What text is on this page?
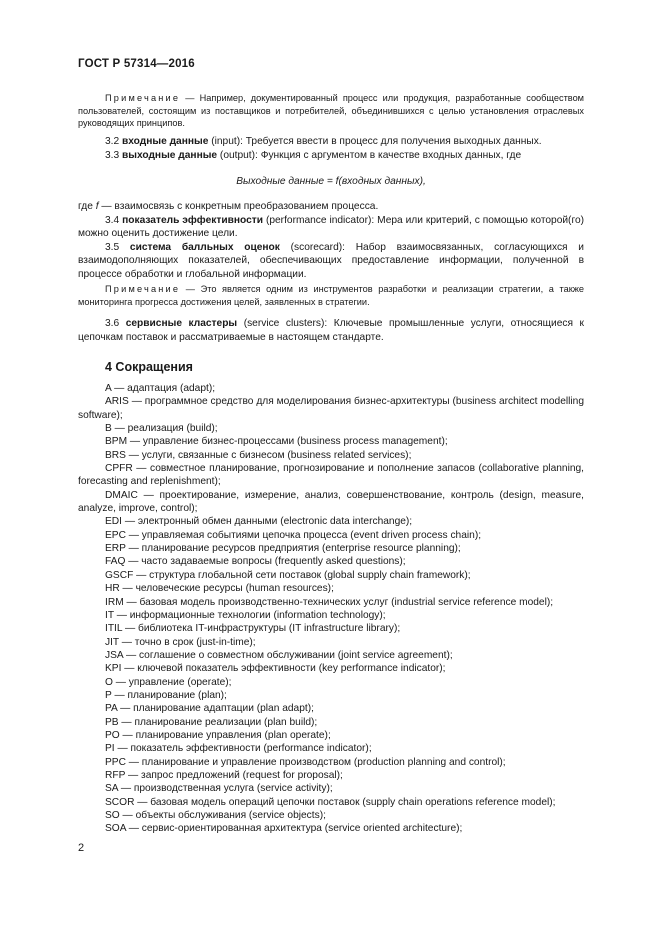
ГОСТ Р 57314—2016

Примечание — Например, документированный процесс или продукция, разработанные сообществом пользователей, состоящим из поставщиков и потребителей, объединившихся с целью установления отраслевых руководящих принципов.

3.2 входные данные (input): Требуется ввести в процесс для получения выходных данных.

3.3 выходные данные (output): Функция с аргументом в качестве входных данных, где

Выходные данные = f(входных данных),

где f — взаимосвязь с конкретным преобразованием процесса.

3.4 показатель эффективности (performance indicator): Мера или критерий, с помощью которой(го) можно оценить достижение цели.

3.5 система балльных оценок (scorecard): Набор взаимосвязанных, согласующихся и взаимодополняющих показателей, обеспечивающих предоставление информации, полученной в процессе обработки и глобальной информации.

Примечание — Это является одним из инструментов разработки и реализации стратегии, а также мониторинга прогресса достижения целей, заявленных в стратегии.

3.6 сервисные кластеры (service clusters): Ключевые промышленные услуги, относящиеся к цепочкам поставок и рассматриваемые в настоящем стандарте.

4 Сокращения

A — адаптация (adapt);

ARIS — программное средство для моделирования бизнес-архитектуры (business architect modelling software);

B — реализация (build);

BPM — управление бизнес-процессами (business process management);

BRS — услуги, связанные с бизнесом (business related services);

CPFR — совместное планирование, прогнозирование и пополнение запасов (collaborative planning, forecasting and replenishment);

DMAIC — проектирование, измерение, анализ, совершенствование, контроль (design, measure, analyze, improve, control);

EDI — электронный обмен данными (electronic data interchange);

EPC — управляемая событиями цепочка процесса (event driven process chain);

ERP — планирование ресурсов предприятия (enterprise resource planning);

FAQ — часто задаваемые вопросы (frequently asked questions);

GSCF — структура глобальной сети поставок (global supply chain framework);

HR — человеческие ресурсы (human resources);

IRM — базовая модель производственно-технических услуг (industrial service reference model);

IT — информационные технологии (information technology);

ITIL — библиотека IT-инфраструктуры (IT infrastructure library);

JIT — точно в срок (just-in-time);

JSA — соглашение о совместном обслуживании (joint service agreement);

KPI — ключевой показатель эффективности (key performance indicator);

O — управление (operate);

P — планирование (plan);

PA — планирование адаптации (plan adapt);

PB — планирование реализации (plan build);

PO — планирование управления (plan operate);

PI — показатель эффективности (performance indicator);

PPC — планирование и управление производством (production planning and control);

RFP — запрос предложений (request for proposal);

SA — производственная услуга (service activity);

SCOR — базовая модель операций цепочки поставок (supply chain operations reference model);

SO — объекты обслуживания (service objects);

SOA — сервис-ориентированная архитектура (service oriented architecture);

2
